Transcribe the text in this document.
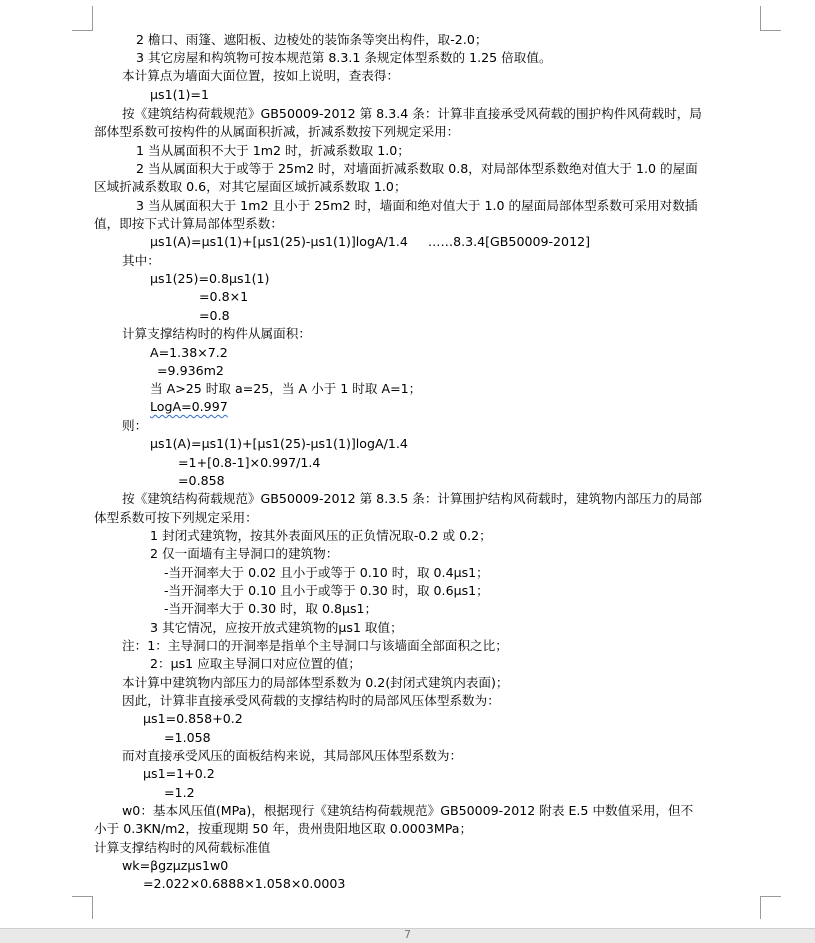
2 檐口、雨篷、遮阳板、边棱处的装饰条等突出构件，取-2.0；
3 其它房屋和构筑物可按本规范第 8.3.1 条规定体型系数的 1.25 倍取值。
本计算点为墙面大面位置，按如上说明，查表得：
μs1(1)=1
按《建筑结构荷载规范》GB50009-2012 第 8.3.4 条：计算非直接承受风荷载的围护构件风荷载时，局
部体型系数可按构件的从属面积折减，折减系数按下列规定采用：
1 当从属面积不大于 1m2 时，折减系数取 1.0；
2 当从属面积大于或等于 25m2 时，对墙面折减系数取 0.8，对局部体型系数绝对值大于 1.0 的屋面
区域折减系数取 0.6，对其它屋面区域折减系数取 1.0；
3 当从属面积大于 1m2 且小于 25m2 时，墙面和绝对值大于 1.0 的屋面局部体型系数可采用对数插
值，即按下式计算局部体型系数：
μs1(A)=μs1(1)+[μs1(25)-μs1(1)]logA/1.4     ……8.3.4[GB50009-2012]
其中：
μs1(25)=0.8μs1(1)
=0.8×1
=0.8
计算支撑结构时的构件从属面积：
A=1.38×7.2
=9.936m2
当 A>25 时取 a=25，当 A 小于 1 时取 A=1；
LogA=0.997
则：
μs1(A)=μs1(1)+[μs1(25)-μs1(1)]logA/1.4
=1+[0.8-1]×0.997/1.4
=0.858
按《建筑结构荷载规范》GB50009-2012 第 8.3.5 条：计算围护结构风荷载时，建筑物内部压力的局部
体型系数可按下列规定采用：
1 封闭式建筑物，按其外表面风压的正负情况取-0.2 或 0.2；
2 仅一面墙有主导洞口的建筑物：
-当开洞率大于 0.02 且小于或等于 0.10 时，取 0.4μs1；
-当开洞率大于 0.10 且小于或等于 0.30 时，取 0.6μs1；
-当开洞率大于 0.30 时，取 0.8μs1；
3 其它情况，应按开放式建筑物的μs1 取值；
注：1：主导洞口的开洞率是指单个主导洞口与该墙面全部面积之比；
2：μs1 应取主导洞口对应位置的值；
本计算中建筑物内部压力的局部体型系数为 0.2(封闭式建筑内表面)；
因此，计算非直接承受风荷载的支撑结构时的局部风压体型系数为：
μs1=0.858+0.2
=1.058
而对直接承受风压的面板结构来说，其局部风压体型系数为：
μs1=1+0.2
=1.2
w0：基本风压值(MPa)，根据现行《建筑结构荷载规范》GB50009-2012 附表 E.5 中数值采用，但不
小于 0.3KN/m2，按重现期 50 年，贵州贵阳地区取 0.0003MPa；
计算支撑结构时的风荷载标准值
wk=βgzμzμs1w0
=2.022×0.6888×1.058×0.0003
7
